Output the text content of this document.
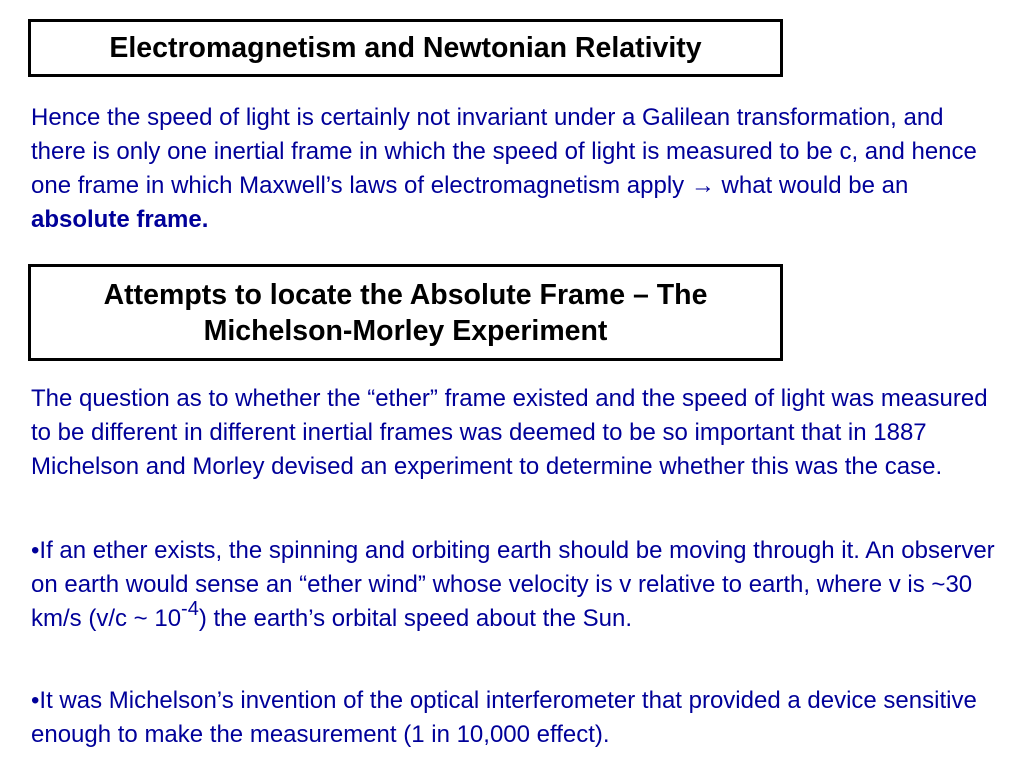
Electromagnetism and Newtonian Relativity

Hence the speed of light is certainly not invariant under a Galilean transformation, and there is only one inertial frame in which the speed of light is measured to be c, and hence one frame in which Maxwell’s laws of electromagnetism apply → what would be an absolute frame.

Attempts to locate the Absolute Frame – The
Michelson-Morley Experiment

The question as to whether the “ether” frame existed and the speed of light was measured to be different in different inertial frames was deemed to be so important that in 1887 Michelson and Morley devised an experiment to determine whether this was the case.

•If an ether exists, the spinning and orbiting earth should be moving through it. An observer on earth would sense an “ether wind” whose velocity is v relative to earth, where v is ~30 km/s (v/c ~ $10^{-4}$) the earth’s orbital speed about the Sun.

•It was Michelson’s invention of the optical interferometer that provided a device sensitive enough to make the measurement (1 in 10,000 effect).
